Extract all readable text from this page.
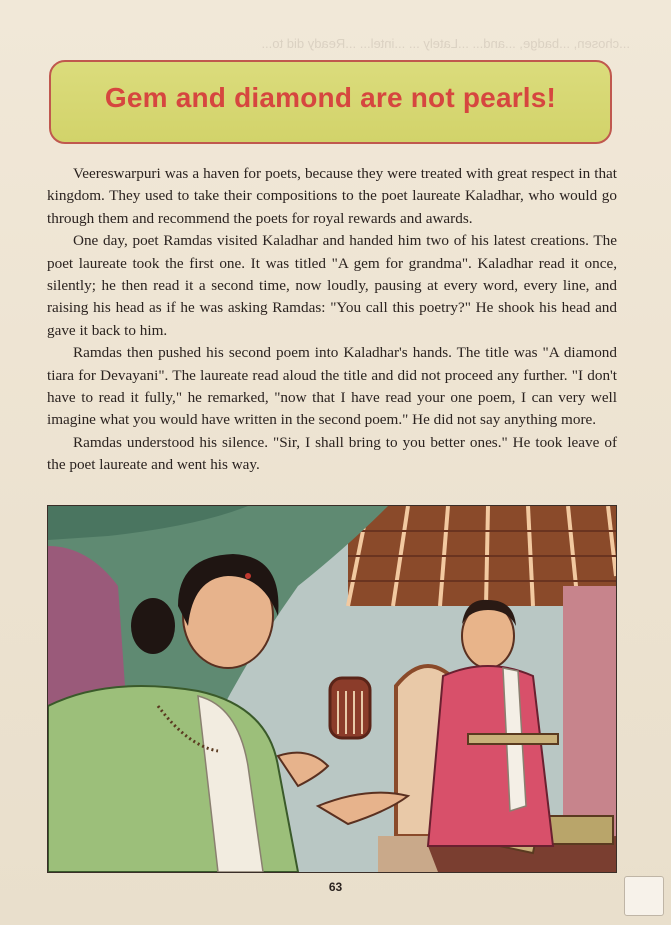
...chosen, ...badge, ...and... ...Lately ... ...intel... ...Ready did to...
Gem and diamond are not pearls!

Veereswarpuri was a haven for poets, because they were treated with great respect in that kingdom. They used to take their compositions to the poet laureate Kaladhar, who would go through them and recommend the poets for royal rewards and awards.

One day, poet Ramdas visited Kaladhar and handed him two of his latest creations. The poet laureate took the first one. It was titled "A gem for grandma". Kaladhar read it once, silently; he then read it a second time, now loudly, pausing at every word, every line, and raising his head as if he was asking Ramdas: "You call this poetry?" He shook his head and gave it back to him.

Ramdas then pushed his second poem into Kaladhar's hands. The title was "A diamond tiara for Devayani". The laureate read aloud the title and did not proceed any further. "I don't have to read it fully," he remarked, "now that I have read your one poem, I can very well imagine what you would have written in the second poem." He did not say anything more.

Ramdas understood his silence. "Sir, I shall bring to you better ones." He took leave of the poet laureate and went his way.

63
